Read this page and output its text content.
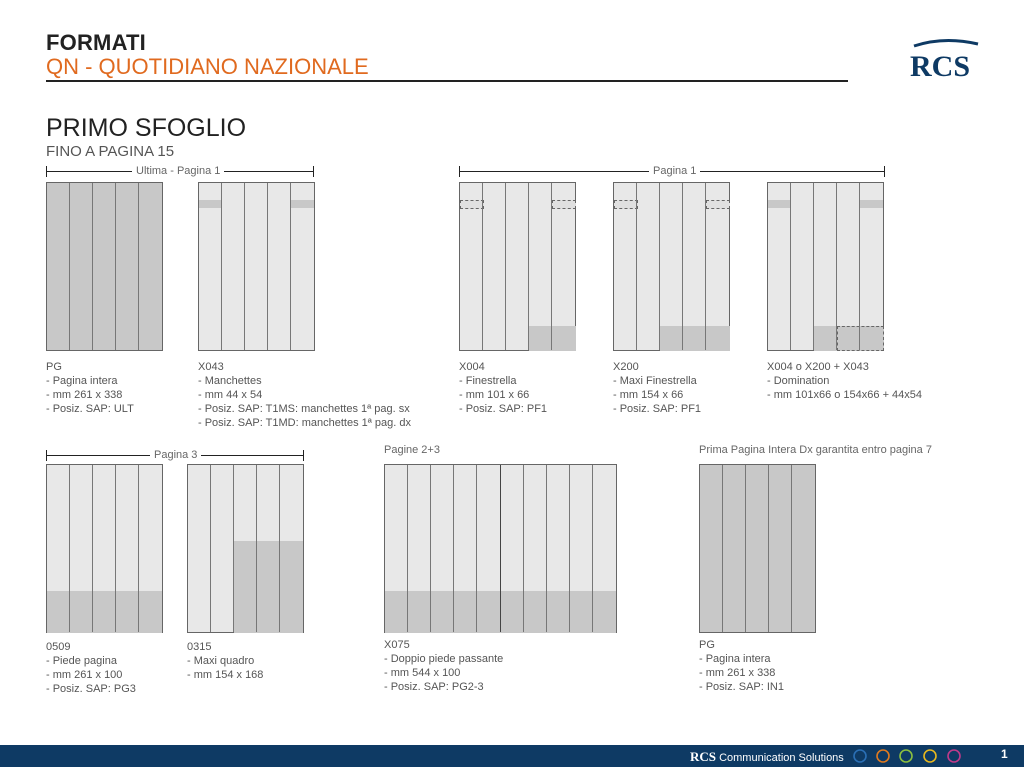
FORMATI
QN - QUOTIDIANO NAZIONALE	RCS
PRIMO SFOGLIO
FINO A PAGINA 15
Ultima - Pagina 1	Pagina 1
PG
- Pagina intera
- mm 261 x 338
- Posiz. SAP: ULT
X043
- Manchettes
- mm 44 x 54
- Posiz. SAP: T1MS: manchettes 1ª pag. sx
- Posiz. SAP: T1MD: manchettes 1ª pag. dx
X004
- Finestrella
- mm 101 x 66
- Posiz. SAP: PF1
X200
- Maxi Finestrella
- mm 154 x 66
- Posiz. SAP: PF1
X004 o X200 + X043
- Domination
- mm 101x66 o 154x66 + 44x54
Pagina 3	Pagine 2+3	Prima Pagina Intera Dx garantita entro pagina 7
0509
- Piede pagina
- mm 261 x 100
- Posiz. SAP: PG3
0315
- Maxi quadro
- mm 154 x 168
X075
- Doppio piede passante
- mm 544 x 100
- Posiz. SAP: PG2-3
PG
- Pagina intera
- mm 261 x 338
- Posiz. SAP: IN1
RCS Communication Solutions	1
